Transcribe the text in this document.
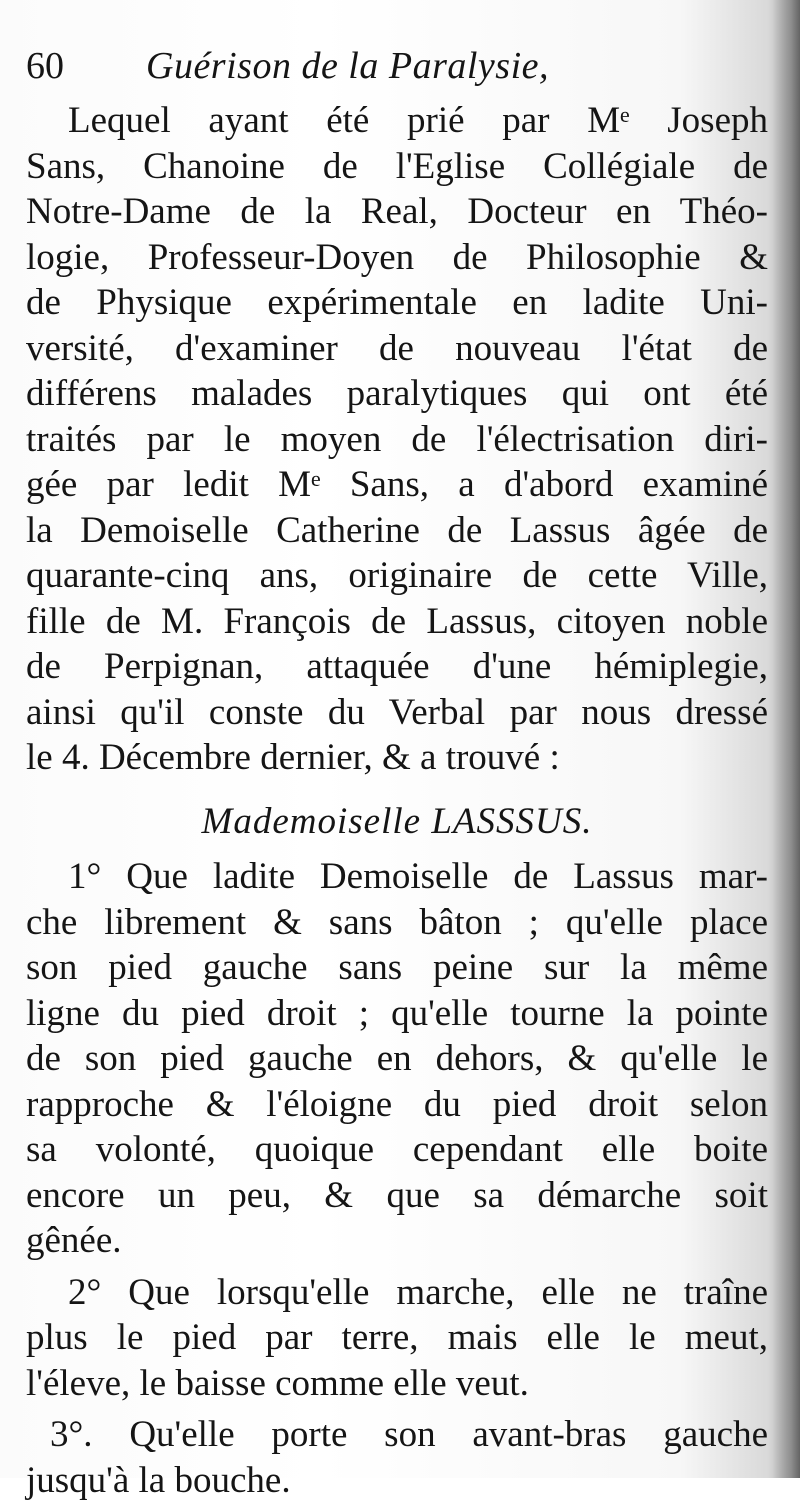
60	Guérison de la Paralysie,
Lequel ayant été prié par Mᵉ Joseph
Sans, Chanoine de l'Eglise Collégiale de
Notre-Dame de la Real, Docteur en Théo-
logie, Professeur-Doyen de Philosophie &
de Physique expérimentale en ladite Uni-
versité, d'examiner de nouveau l'état de
différens malades paralytiques qui ont été
traités par le moyen de l'électrisation diri-
gée par ledit Mᵉ Sans, a d'abord examiné
la Demoiselle Catherine de Lassus âgée de
quarante-cinq ans, originaire de cette Ville,
fille de M. François de Lassus, citoyen noble
de Perpignan, attaquée d'une hémiplegie,
ainsi qu'il conste du Verbal par nous dressé
le 4. Décembre dernier, & a trouvé :
Mademoiselle LASSSUS.
1° Que ladite Demoiselle de Lassus mar-
che librement & sans bâton ; qu'elle place
son pied gauche sans peine sur la même
ligne du pied droit ; qu'elle tourne la pointe
de son pied gauche en dehors, & qu'elle le
rapproche & l'éloigne du pied droit selon
sa volonté, quoique cependant elle boite
encore un peu, & que sa démarche soit
gênée.
2° Que lorsqu'elle marche, elle ne traîne
plus le pied par terre, mais elle le meut,
l'éleve, le baisse comme elle veut.
3°. Qu'elle porte son avant-bras gauche
jusqu'à la bouche.
